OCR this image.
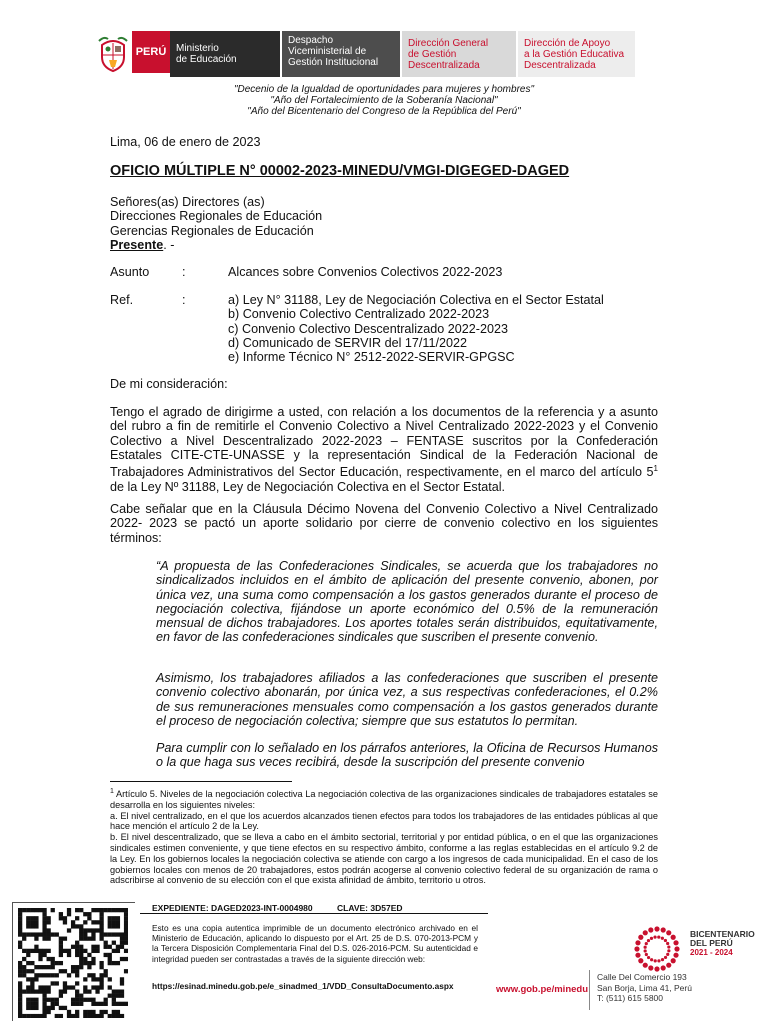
PERÚ Ministerio
de Educación
Despacho
Viceministerial de
Gestión Institucional
Dirección General
de Gestión
Descentralizada
Dirección de Apoyo
a la Gestión Educativa
Descentralizada
"Decenio de la Igualdad de oportunidades para mujeres y hombres"
"Año del Fortalecimiento de la Soberanía Nacional"
"Año del Bicentenario del Congreso de la República del Perú"
Lima, 06 de enero de 2023
OFICIO MÚLTIPLE N° 00002-2023-MINEDU/VMGI-DIGEGED-DAGED
Señores(as) Directores (as)
Direcciones Regionales de Educación
Gerencias Regionales de Educación
Presente. -
Asunto	:	Alcances sobre Convenios Colectivos 2022-2023
Ref.	:	a) Ley N° 31188, Ley de Negociación Colectiva en el Sector Estatal
b) Convenio Colectivo Centralizado 2022-2023
c) Convenio Colectivo Descentralizado 2022-2023
d) Comunicado de SERVIR del 17/11/2022
e) Informe Técnico N° 2512-2022-SERVIR-GPGSC
De mi consideración:
Tengo el agrado de dirigirme a usted, con relación a los documentos de la referencia y a asunto del rubro a fin de remitirle el Convenio Colectivo a Nivel Centralizado 2022-2023 y el Convenio Colectivo a Nivel Descentralizado 2022-2023 – FENTASE suscritos por la Confederación Estatales CITE-CTE-UNASSE y la representación Sindical de la Federación Nacional de Trabajadores Administrativos del Sector Educación, respectivamente, en el marco del artículo $5^1$ de la Ley Nº 31188, Ley de Negociación Colectiva en el Sector Estatal.
Cabe señalar que en la Cláusula Décimo Novena del Convenio Colectivo a Nivel Centralizado 2022- 2023 se pactó un aporte solidario por cierre de convenio colectivo en los siguientes términos:
“A propuesta de las Confederaciones Sindicales, se acuerda que los trabajadores no sindicalizados incluidos en el ámbito de aplicación del presente convenio, abonen, por única vez, una suma como compensación a los gastos generados durante el proceso de negociación colectiva, fijándose un aporte económico del 0.5% de la remuneración mensual de dichos trabajadores. Los aportes totales serán distribuidos, equitativamente, en favor de las confederaciones sindicales que suscriben el presente convenio.
Asimismo, los trabajadores afiliados a las confederaciones que suscriben el presente convenio colectivo abonarán, por única vez, a sus respectivas confederaciones, el 0.2% de sus remuneraciones mensuales como compensación a los gastos generados durante el proceso de negociación colectiva; siempre que sus estatutos lo permitan.
Para cumplir con lo señalado en los párrafos anteriores, la Oficina de Recursos Humanos o la que haga sus veces recibirá, desde la suscripción del presente convenio
$^1$ Artículo 5. Niveles de la negociación colectiva La negociación colectiva de las organizaciones sindicales de trabajadores estatales se desarrolla en los siguientes niveles:
a. El nivel centralizado, en el que los acuerdos alcanzados tienen efectos para todos los trabajadores de las entidades públicas al que hace mención el artículo 2 de la Ley.
b. El nivel descentralizado, que se lleva a cabo en el ámbito sectorial, territorial y por entidad pública, o en el que las organizaciones sindicales estimen conveniente, y que tiene efectos en su respectivo ámbito, conforme a las reglas establecidas en el artículo 9.2 de la Ley. En los gobiernos locales la negociación colectiva se atiende con cargo a los ingresos de cada municipalidad. En el caso de los gobiernos locales con menos de 20 trabajadores, estos podrán acogerse al convenio colectivo federal de su organización de rama o adscribirse al convenio de su elección con el que exista afinidad de ámbito, territorio u otros.
EXPEDIENTE: DAGED2023-INT-0004980	CLAVE: 3D57ED
Esto es una copia autentica imprimible de un documento electrónico archivado en el Ministerio de Educación, aplicando lo dispuesto por el Art. 25 de D.S. 070-2013-PCM y la Tercera Disposición Complementaria Final del D.S. 026-2016-PCM. Su autenticidad e integridad pueden ser contrastadas a través de la siguiente dirección web:
https://esinad.minedu.gob.pe/e_sinadmed_1/VDD_ConsultaDocumento.aspx	www.gob.pe/minedu
Calle Del Comercio 193
San Borja, Lima 41, Perú
T: (511) 615 5800
BICENTENARIO
DEL PERÚ
2021 - 2024
